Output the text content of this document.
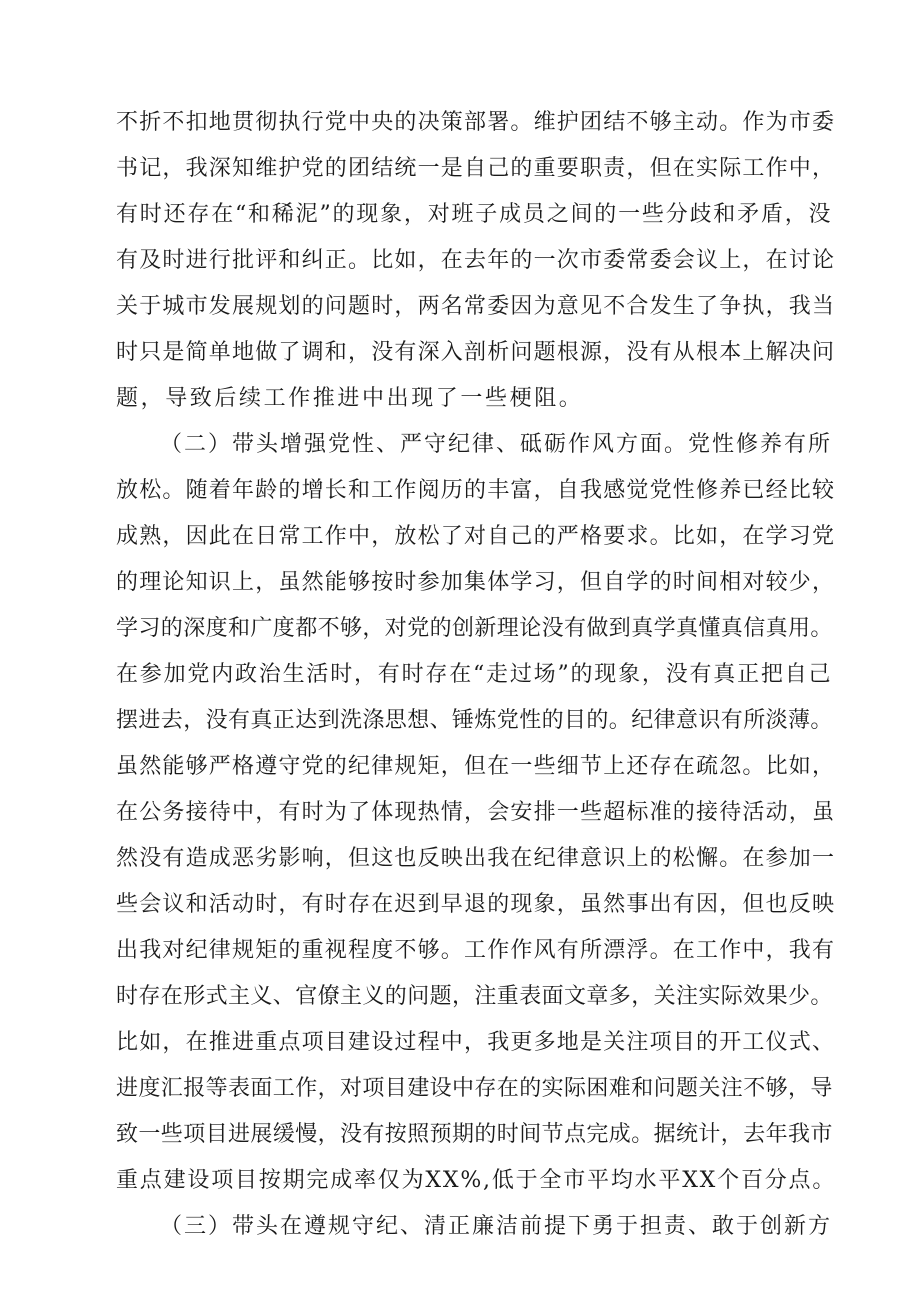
不折不扣地贯彻执行党中央的决策部署。维护团结不够主动。作为市委
书记，我深知维护党的团结统一是自己的重要职责，但在实际工作中，
有时还存在“和稀泥”的现象，对班子成员之间的一些分歧和矛盾，没
有及时进行批评和纠正。比如，在去年的一次市委常委会议上，在讨论
关于城市发展规划的问题时，两名常委因为意见不合发生了争执，我当
时只是简单地做了调和，没有深入剖析问题根源，没有从根本上解决问
题，导致后续工作推进中出现了一些梗阻。
（二）带头增强党性、严守纪律、砥砺作风方面。党性修养有所
放松。随着年龄的增长和工作阅历的丰富，自我感觉党性修养已经比较
成熟，因此在日常工作中，放松了对自己的严格要求。比如，在学习党
的理论知识上，虽然能够按时参加集体学习，但自学的时间相对较少，
学习的深度和广度都不够，对党的创新理论没有做到真学真懂真信真用。
在参加党内政治生活时，有时存在“走过场”的现象，没有真正把自己
摆进去，没有真正达到洗涤思想、锤炼党性的目的。纪律意识有所淡薄。
虽然能够严格遵守党的纪律规矩，但在一些细节上还存在疏忽。比如，
在公务接待中，有时为了体现热情，会安排一些超标准的接待活动，虽
然没有造成恶劣影响，但这也反映出我在纪律意识上的松懈。在参加一
些会议和活动时，有时存在迟到早退的现象，虽然事出有因，但也反映
出我对纪律规矩的重视程度不够。工作作风有所漂浮。在工作中，我有
时存在形式主义、官僚主义的问题，注重表面文章多，关注实际效果少。
比如，在推进重点项目建设过程中，我更多地是关注项目的开工仪式、
进度汇报等表面工作，对项目建设中存在的实际困难和问题关注不够，导
致一些项目进展缓慢，没有按照预期的时间节点完成。据统计，去年我市
重点建设项目按期完成率仅为XX%,低于全市平均水平XX个百分点。
（三）带头在遵规守纪、清正廉洁前提下勇于担责、敢于创新方
